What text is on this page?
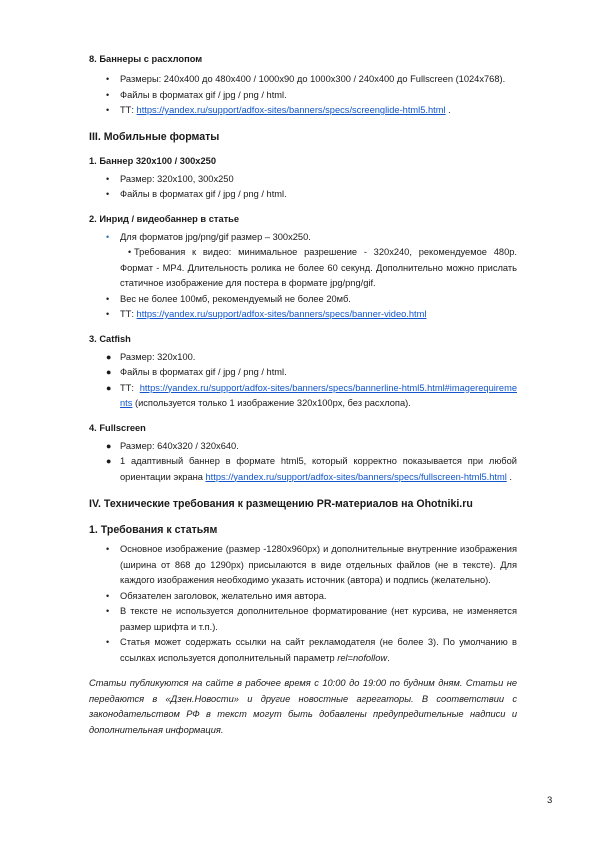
8. Баннеры с расхлопом

• Размеры: 240x400 до 480x400 / 1000x90 до 1000x300 / 240x400 до Fullscreen (1024x768).
• Файлы в форматах gif / jpg / png / html.
• ТТ: https://yandex.ru/support/adfox-sites/banners/specs/screenglide-html5.html .

III. Мобильные форматы

1. Баннер 320x100 / 300x250

• Размер: 320x100, 300x250
• Файлы в форматах gif / jpg / png / html.

2. Инрид / видеобаннер в статье

• Для форматов jpg/png/gif размер – 300x250.
• Требования к видео: минимальное разрешение - 320x240, рекомендуемое 480p. Формат - MP4. Длительность ролика не более 60 секунд. Дополнительно можно прислать статичное изображение для постера в формате jpg/png/gif.
• Вес не более 100мб, рекомендуемый не более 20мб.
• ТТ: https://yandex.ru/support/adfox-sites/banners/specs/banner-video.html

3. Catfish

● Размер: 320x100.
● Файлы в форматах gif / jpg / png / html.
● ТТ: https://yandex.ru/support/adfox-sites/banners/specs/bannerline-html5.html#imagerequirements (используется только 1 изображение 320x100px, без расхлопа).

4. Fullscreen

● Размер: 640x320 / 320x640.
● 1 адаптивный баннер в формате html5, который корректно показывается при любой ориентации экрана https://yandex.ru/support/adfox-sites/banners/specs/fullscreen-html5.html .

IV. Технические требования к размещению PR-материалов на Ohotniki.ru

1. Требования к статьям

• Основное изображение (размер -1280x960px) и дополнительные внутренние изображения (ширина от 868 до 1290px) присылаются в виде отдельных файлов (не в тексте). Для каждого изображения необходимо указать источник (автора) и подпись (желательно).
• Обязателен заголовок, желательно имя автора.
• В тексте не используется дополнительное форматирование (нет курсива, не изменяется размер шрифта и т.п.).
• Статья может содержать ссылки на сайт рекламодателя (не более 3). По умолчанию в ссылках используется дополнительный параметр rel=nofollow.

Статьи публикуются на сайте в рабочее время с 10:00 до 19:00 по будним дням. Статьи не передаются в «Дзен.Новости» и другие новостные агрегаторы. В соответствии с законодательством РФ в текст могут быть добавлены предупредительные надписи и дополнительная информация.

3
